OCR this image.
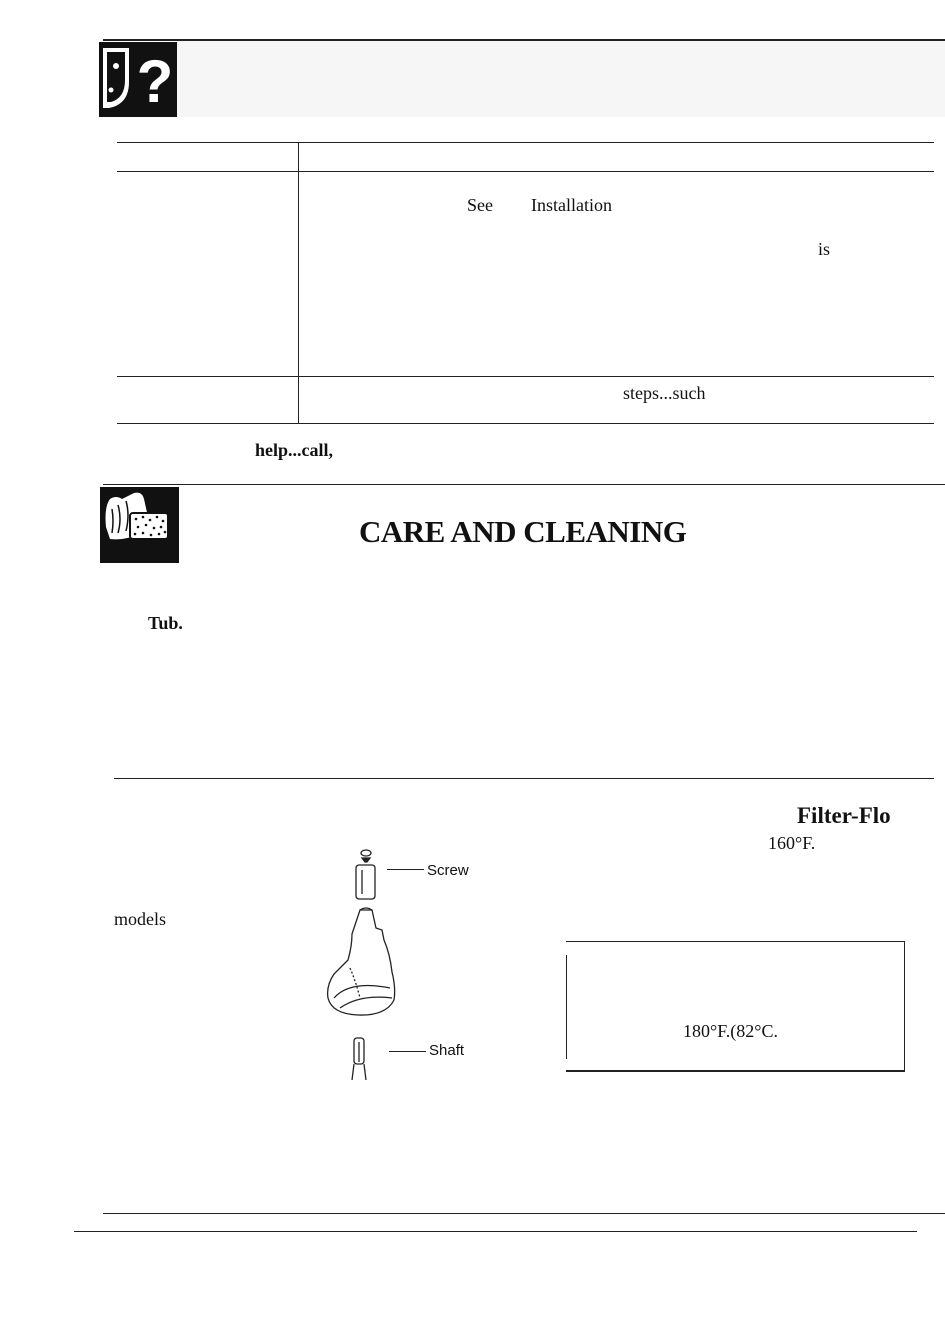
?
See Installation
is
steps...such
help...call,
CARE AND CLEANING
Tub.
Filter-Flo
160°F.
models
Screw
Shaft
180°F.(82°C.
